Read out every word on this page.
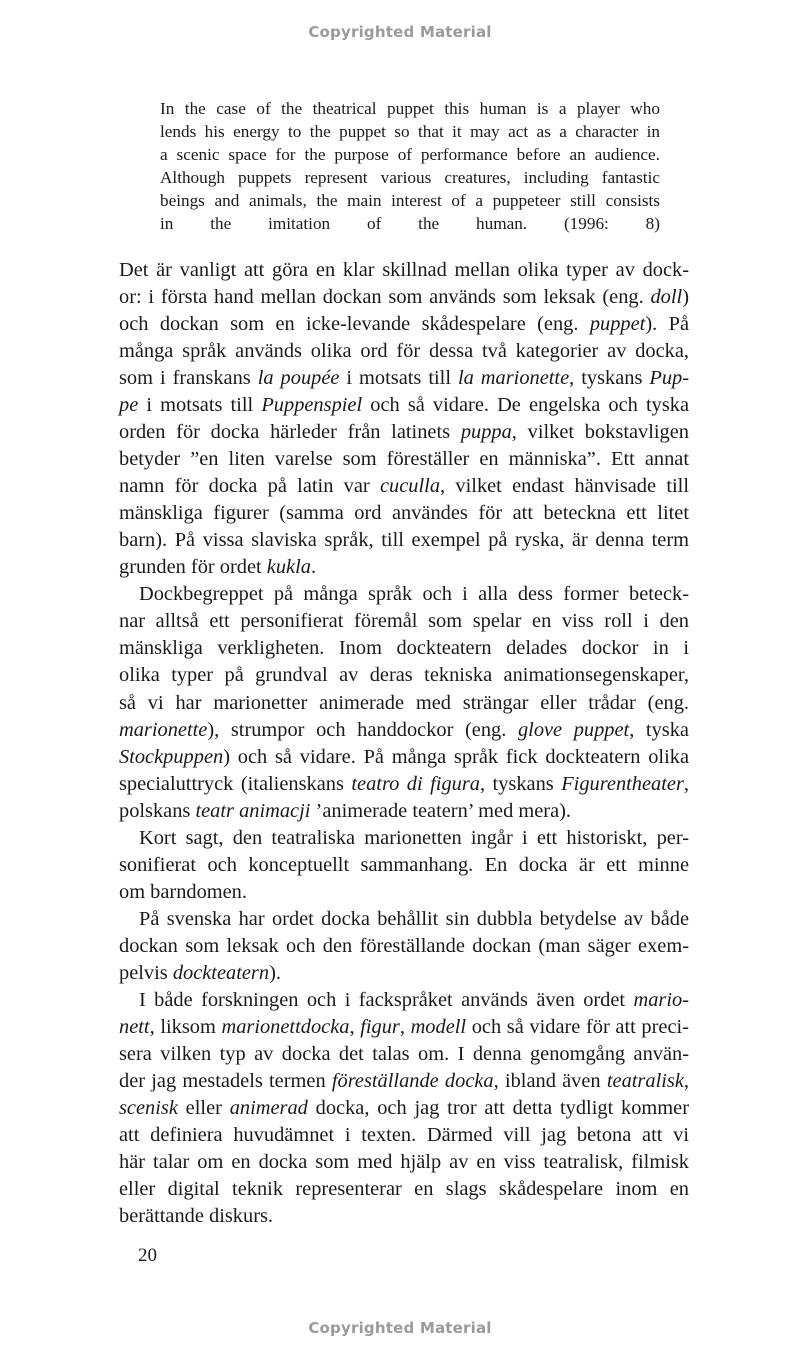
Copyrighted Material
In the case of the theatrical puppet this human is a player who
lends his energy to the puppet so that it may act as a character in
a scenic space for the purpose of performance before an audience.
Although puppets represent various creatures, including fantastic
beings and animals, the main interest of a puppeteer still consists
in the imitation of the human. (1996: 8)
Det är vanligt att göra en klar skillnad mellan olika typer av dock-
or: i första hand mellan dockan som används som leksak (eng. doll)
och dockan som en icke-levande skådespelare (eng. puppet). På
många språk används olika ord för dessa två kategorier av docka,
som i franskans la poupée i motsats till la marionette, tyskans Pup-
pe i motsats till Puppenspiel och så vidare. De engelska och tyska
orden för docka härleder från latinets puppa, vilket bokstavligen
betyder ”en liten varelse som föreställer en människa”. Ett annat
namn för docka på latin var cuculla, vilket endast hänvisade till
mänskliga figurer (samma ord användes för att beteckna ett litet
barn). På vissa slaviska språk, till exempel på ryska, är denna term
grunden för ordet kukla.
Dockbegreppet på många språk och i alla dess former beteck-
nar alltså ett personifierat föremål som spelar en viss roll i den
mänskliga verkligheten. Inom dockteatern delades dockor in i
olika typer på grundval av deras tekniska animationsegenskaper,
så vi har marionetter animerade med strängar eller trådar (eng.
marionette), strumpor och handdockor (eng. glove puppet, tyska
Stockpuppen) och så vidare. På många språk fick dockteatern olika
specialuttryck (italienskans teatro di figura, tyskans Figurentheater,
polskans teatr animacji ’animerade teatern’ med mera).
Kort sagt, den teatraliska marionetten ingår i ett historiskt, per-
sonifierat och konceptuellt sammanhang. En docka är ett minne
om barndomen.
På svenska har ordet docka behållit sin dubbla betydelse av både
dockan som leksak och den föreställande dockan (man säger exem-
pelvis dockteatern).
I både forskningen och i fackspråket används även ordet mario-
nett, liksom marionettdocka, figur, modell och så vidare för att preci-
sera vilken typ av docka det talas om. I denna genomgång använ-
der jag mestadels termen föreställande docka, ibland även teatralisk,
scenisk eller animerad docka, och jag tror att detta tydligt kommer
att definiera huvudämnet i texten. Därmed vill jag betona att vi
här talar om en docka som med hjälp av en viss teatralisk, filmisk
eller digital teknik representerar en slags skådespelare inom en
berättande diskurs.
20
Copyrighted Material
